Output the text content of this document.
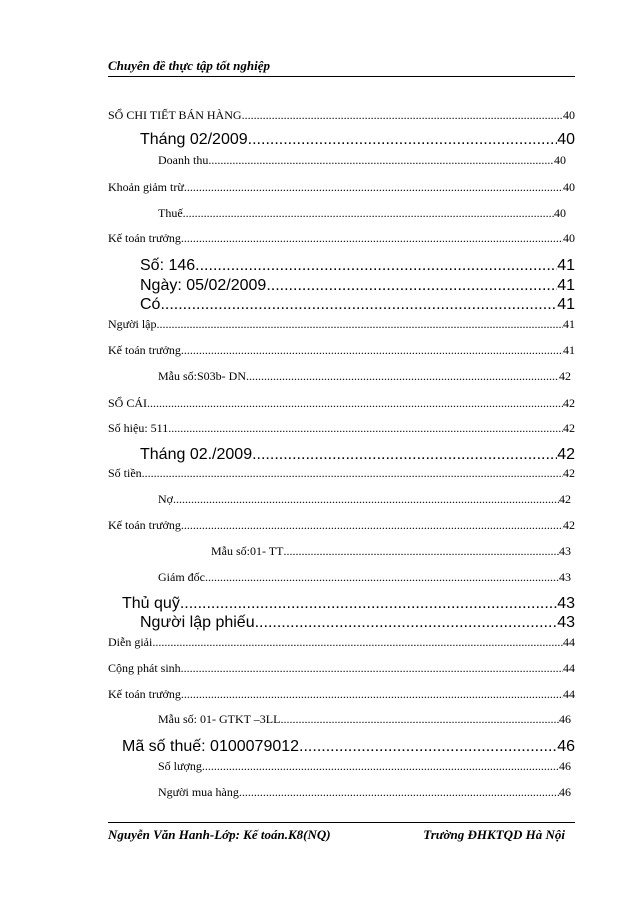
Chuyên đề thực tập tốt nghiệp
SỔ CHI TIẾT BÁN HÀNG .....	40
Tháng 02/2009 .....	40
Doanh thu .....	40
Khoản giảm trừ .....	40
Thuế .....	40
Kế toán trưởng .....	40
Số: 146 .....	41
Ngày: 05/02/2009 .....	41
Có .....	41
Người lập .....	41
Kế toán trưởng .....	41
Mẫu số:S03b- DN .....	42
SỔ CÁI .....	42
Số hiệu: 511 .....	42
Tháng 02./2009 .....	42
Số tiền .....	42
Nợ .....	42
Kế toán trưởng .....	42
Mẫu số:01- TT .....	43
Giám đốc .....	43
Thủ quỹ .....	43
Người lập phiếu .....	43
Diễn giải .....	44
Cộng phát sinh .....	44
Kế toán trưởng .....	44
Mẫu số: 01- GTKT –3LL .....	46
Mã số thuế: 0100079012 .....	46
Số lượng .....	46
Người mua hàng .....	46
Nguyễn Văn Hanh-Lớp: Kế toán.K8(NQ)	Trường ĐHKTQD Hà Nội
